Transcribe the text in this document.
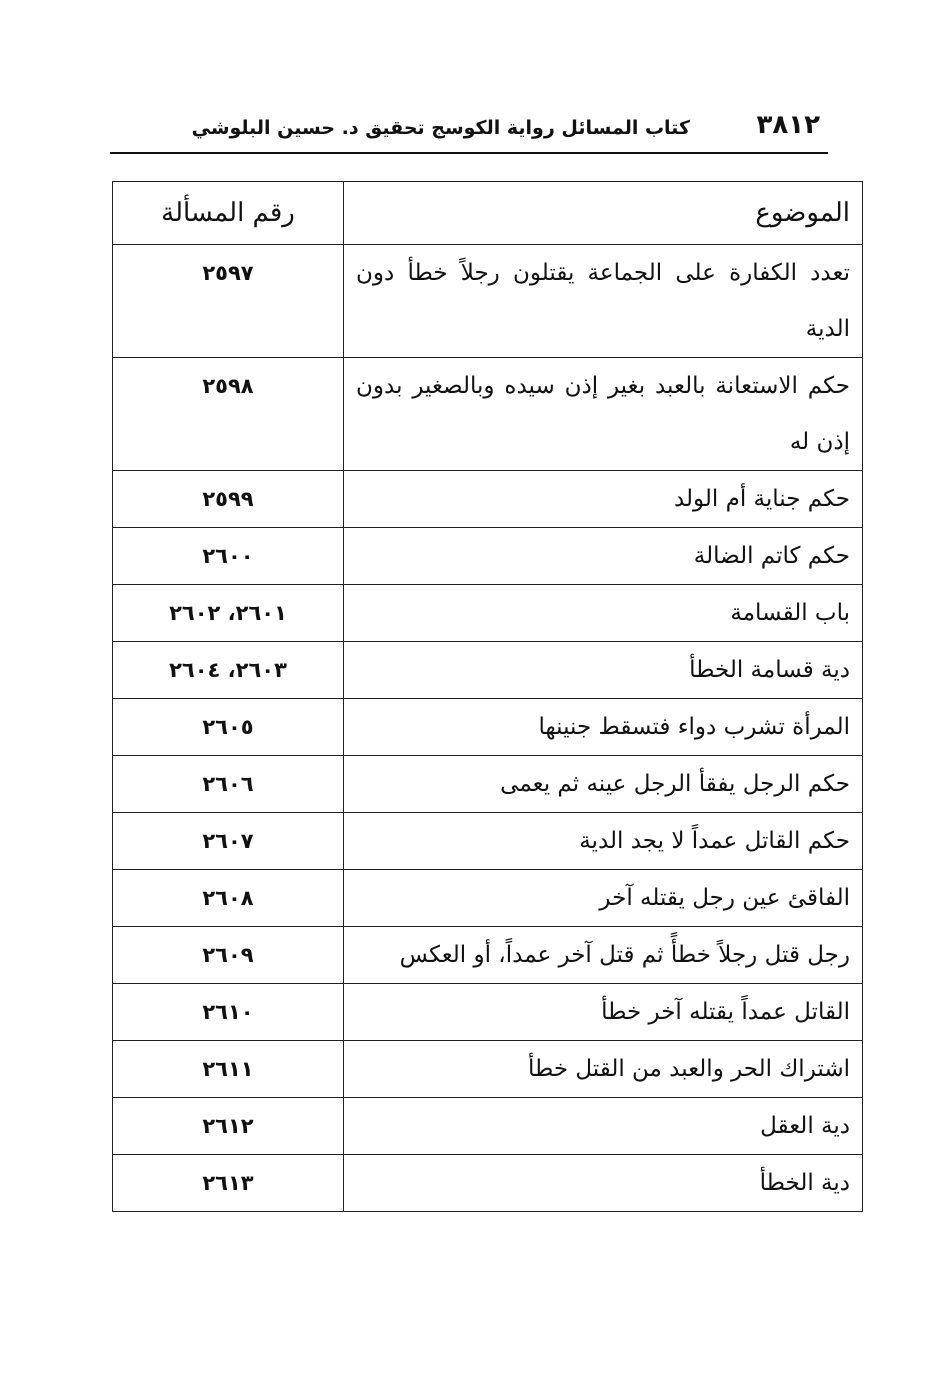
٣٨١٢
كتاب المسائل رواية الكوسج تحقيق د. حسين البلوشي
الموضوع	رقم المسألة
تعدد الكفارة على الجماعة يقتلون رجلاً خطأ دون الدية	٢٥٩٧
حكم الاستعانة بالعبد بغير إذن سيده وبالصغير بدون إذن له	٢٥٩٨
حكم جناية أم الولد	٢٥٩٩
حكم كاتم الضالة	٢٦٠٠
باب القسامة	٢٦٠١، ٢٦٠٢
دية قسامة الخطأ	٢٦٠٣، ٢٦٠٤
المرأة تشرب دواء فتسقط جنينها	٢٦٠٥
حكم الرجل يفقأ الرجل عينه ثم يعمى	٢٦٠٦
حكم القاتل عمداً لا يجد الدية	٢٦٠٧
الفاقئ عين رجل يقتله آخر	٢٦٠٨
رجل قتل رجلاً خطأً ثم قتل آخر عمداً، أو العكس	٢٦٠٩
القاتل عمداً يقتله آخر خطأ	٢٦١٠
اشتراك الحر والعبد من القتل خطأ	٢٦١١
دية العقل	٢٦١٢
دية الخطأ	٢٦١٣
